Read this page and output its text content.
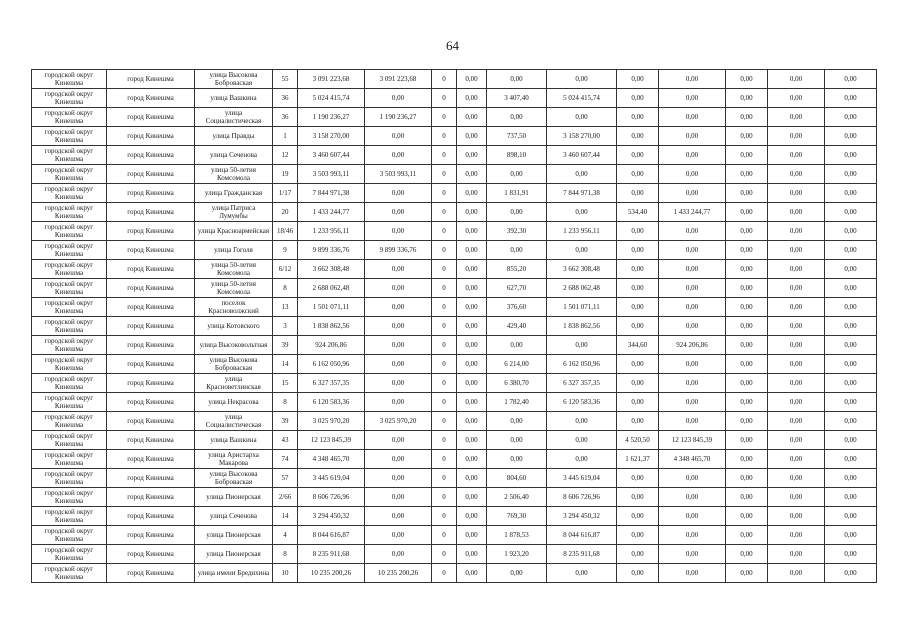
64
городской округ Кинешма	город Кинешма	улица Высокова Боброваская	55	3 091 223,68	3 091 223,68	0	0,00	0,00	0,00	0,00	0,00	0,00	0,00	0,00
городской округ Кинешма	город Кинешма	улица Вашкина	36	5 024 415,74	0,00	0	0,00	3 407,40	5 024 415,74	0,00	0,00	0,00	0,00	0,00
городской округ Кинешма	город Кинешма	улица Социалистическая	36	1 190 236,27	1 190 236,27	0	0,00	0,00	0,00	0,00	0,00	0,00	0,00	0,00
городской округ Кинешма	город Кинешма	улица Правды	1	3 158 270,00	0,00	0	0,00	737,50	3 158 270,00	0,00	0,00	0,00	0,00	0,00
городской округ Кинешма	город Кинешма	улица Сеченова	12	3 460 607,44	0,00	0	0,00	898,10	3 460 607,44	0,00	0,00	0,00	0,00	0,00
городской округ Кинешма	город Кинешма	улица 50-летия Комсомола	19	3 503 993,11	3 503 993,11	0	0,00	0,00	0,00	0,00	0,00	0,00	0,00	0,00
городской округ Кинешма	город Кинешма	улица Гражданская	1/17	7 844 971,38	0,00	0	0,00	1 831,91	7 844 971,38	0,00	0,00	0,00	0,00	0,00
городской округ Кинешма	город Кинешма	улица Патриса Лумумбы	20	1 433 244,77	0,00	0	0,00	0,00	0,00	534,40	1 433 244,77	0,00	0,00	0,00
городской округ Кинешма	город Кинешма	улица Красноармейская	18/46	1 233 956,11	0,00	0	0,00	392,30	1 233 956,11	0,00	0,00	0,00	0,00	0,00
городской округ Кинешма	город Кинешма	улица Гоголя	9	9 899 336,76	9 899 336,76	0	0,00	0,00	0,00	0,00	0,00	0,00	0,00	0,00
городской округ Кинешма	город Кинешма	улица 50-летия Комсомола	6/12	3 662 308,48	0,00	0	0,00	855,20	3 662 308,48	0,00	0,00	0,00	0,00	0,00
городской округ Кинешма	город Кинешма	улица 50-летия Комсомола	8	2 688 062,48	0,00	0	0,00	627,70	2 688 062,48	0,00	0,00	0,00	0,00	0,00
городской округ Кинешма	город Кинешма	поселок Красноволжский	13	1 501 071,11	0,00	0	0,00	376,60	1 501 071,11	0,00	0,00	0,00	0,00	0,00
городской округ Кинешма	город Кинешма	улица Котовского	3	1 838 862,56	0,00	0	0,00	429,40	1 838 862,56	0,00	0,00	0,00	0,00	0,00
городской округ Кинешма	город Кинешма	улица Высоковольтная	39	924 206,86	0,00	0	0,00	0,00	0,00	344,60	924 206,86	0,00	0,00	0,00
городской округ Кинешма	город Кинешма	улица Высокова Боброваская	14	6 162 050,96	0,00	0	0,00	6 214,00	6 162 050,96	0,00	0,00	0,00	0,00	0,00
городской округ Кинешма	город Кинешма	улица Красноветлинская	15	6 327 357,35	0,00	0	0,00	6 380,70	6 327 357,35	0,00	0,00	0,00	0,00	0,00
городской округ Кинешма	город Кинешма	улица Некрасова	8	6 120 583,36	0,00	0	0,00	1 782,40	6 120 583,36	0,00	0,00	0,00	0,00	0,00
городской округ Кинешма	город Кинешма	улица Социалистическая	39	3 025 970,20	3 025 970,20	0	0,00	0,00	0,00	0,00	0,00	0,00	0,00	0,00
городской округ Кинешма	город Кинешма	улица Вашкина	43	12 123 845,39	0,00	0	0,00	0,00	0,00	4 520,50	12 123 845,39	0,00	0,00	0,00
городской округ Кинешма	город Кинешма	улица Аристарха Макарова	74	4 348 465,70	0,00	0	0,00	0,00	0,00	1 621,37	4 348 465,70	0,00	0,00	0,00
городской округ Кинешма	город Кинешма	улица Высокова Боброваская	57	3 445 619,04	0,00	0	0,00	804,60	3 445 619,04	0,00	0,00	0,00	0,00	0,00
городской округ Кинешма	город Кинешма	улица Пионерская	2/66	8 606 726,96	0,00	0	0,00	2 506,40	8 606 726,96	0,00	0,00	0,00	0,00	0,00
городской округ Кинешма	город Кинешма	улица Сеченова	14	3 294 450,32	0,00	0	0,00	769,30	3 294 450,32	0,00	0,00	0,00	0,00	0,00
городской округ Кинешма	город Кинешма	улица Пионерская	4	8 044 616,87	0,00	0	0,00	1 878,53	8 044 616,87	0,00	0,00	0,00	0,00	0,00
городской округ Кинешма	город Кинешма	улица Пионерская	8	8 235 911,68	0,00	0	0,00	1 923,20	8 235 911,68	0,00	0,00	0,00	0,00	0,00
городской округ Кинешма	город Кинешма	улица имени Бредихина	10	10 235 200,26	10 235 200,26	0	0,00	0,00	0,00	0,00	0,00	0,00	0,00	0,00
